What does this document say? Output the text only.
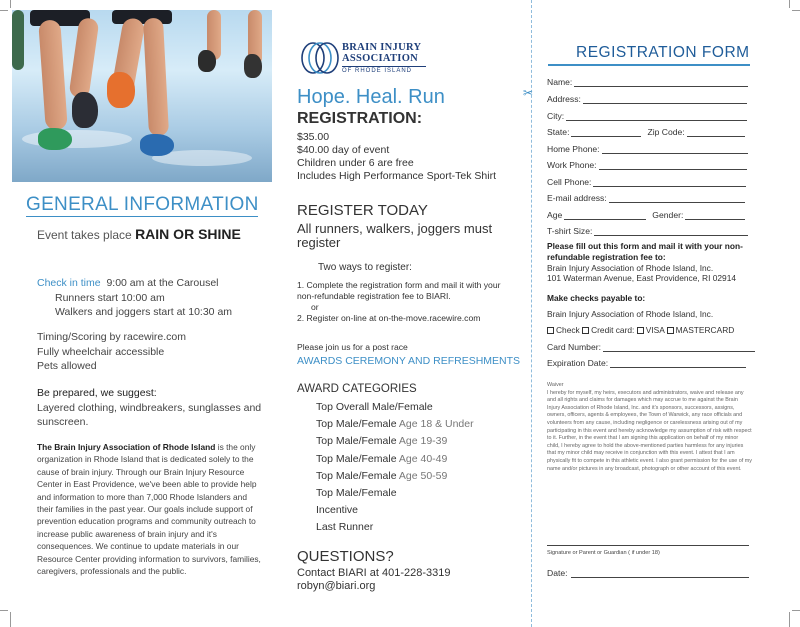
GENERAL INFORMATION
Event takes place RAIN OR SHINE
Check in time 9:00 am at the Carousel
Runners start 10:00 am
Walkers and joggers start at 10:30 am
Timing/Scoring by racewire.com
Fully wheelchair accessible
Pets allowed
Be prepared, we suggest:
Layered clothing, windbreakers, sunglasses and sunscreen.
The Brain Injury Association of Rhode Island is the only organization in Rhode Island that is dedicated solely to the cause of brain injury. Through our Brain Injury Resource Center in East Providence, we've been able to provide help and information to more than 7,000 Rhode Islanders and their families in the past year. Our goals include support of prevention education programs and community outreach to increase public awareness of brain injury and it's consequences. We continue to update materials in our Resource Center providing information to survivors, families, caregivers, professionals and the public.
BRAIN INJURY
ASSOCIATION
OF RHODE ISLAND
Hope. Heal. Run
REGISTRATION:
$35.00
$40.00 day of event
Children under 6 are free
Includes High Performance Sport-Tek Shirt
REGISTER TODAY
All runners, walkers, joggers must register
Two ways to register:
1. Complete the registration form and mail it with your non-refundable registration fee to BIARI.
or
2. Register on-line at on-the-move.racewire.com
Please join us for a post race
AWARDS CEREMONY AND REFRESHMENTS
AWARD CATEGORIES
Top Overall Male/Female
Top Male/Female Age 18 & Under
Top Male/Female Age 19-39
Top Male/Female Age 40-49
Top Male/Female Age 50-59
Top Male/Female
Incentive
Last Runner
QUESTIONS?
Contact BIARI at 401-228-3319
robyn@biari.org
✂
REGISTRATION FORM
Name:
Address:
City:
State:	Zip Code:
Home Phone:
Work Phone:
Cell Phone:
E-mail address:
Age	Gender:
T-shirt Size:
Please fill out this form and mail it with your non-refundable registration fee to:
Brain Injury Association of Rhode Island, Inc.
101 Waterman Avenue, East Providence, RI 02914
Make checks payable to:
Brain Injury Association of Rhode Island, Inc.
Check Credit card: VISA MASTERCARD
Card Number:
Expiration Date:
Waiver
I hereby for myself, my heirs, executors and administrators, waive and release any and all rights and claims for damages which may accrue to me against the Brain Injury Association of Rhode Island, Inc. and it's sponsors, successors, assigns, owners, officers, agents & employees, the Town of Warwick, any race officials and volunteers from any cause, including negligence or carelessness arising out of my participating in this event and hereby acknowledge my assumption of risk with respect to it. Further, in the event that I am signing this application on behalf of my minor child, I hereby agree to hold the above-mentioned parties harmless for any injuries that my minor child may receive in conjunction with this event. I attest that I am physically fit to compete in this athletic event. I also grant permission for the use of my name and/or pictures in any broadcast, photograph or other account of this event.
Signature or Parent or Guardian ( if under 18)
Date:
